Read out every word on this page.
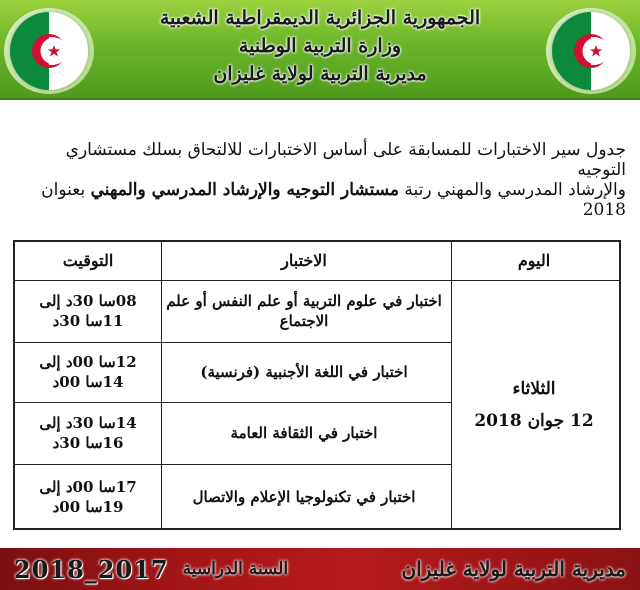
الجمهورية الجزائرية الديمقراطية الشعبية
وزارة التربية الوطنية
مديرية التربية لولاية غليزان
جدول سير الاختبارات للمسابقة على أساس الاختبارات للالتحاق بسلك مستشاري التوجيه
والإرشاد المدرسي والمهني رتبة مستشار التوجيه والإرشاد المدرسي والمهني بعنوان 2018
اليوم
الاختبار
التوقيت
الثلاثاء
12 جوان 2018
اختبار في علوم التربية أو علم النفس أو علم الاجتماع
08سا 30د إلى 11سا 30د
اختبار في اللغة الأجنبية (فرنسية)
12سا 00د إلى 14سا 00د
اختبار في الثقافة العامة
14سا 30د إلى 16سا 30د
اختبار في تكنولوجيا الإعلام والاتصال
17سا 00د إلى 19سا 00د
2018_2017 السنة الدراسية	مديرية التربية لولاية غليزان
